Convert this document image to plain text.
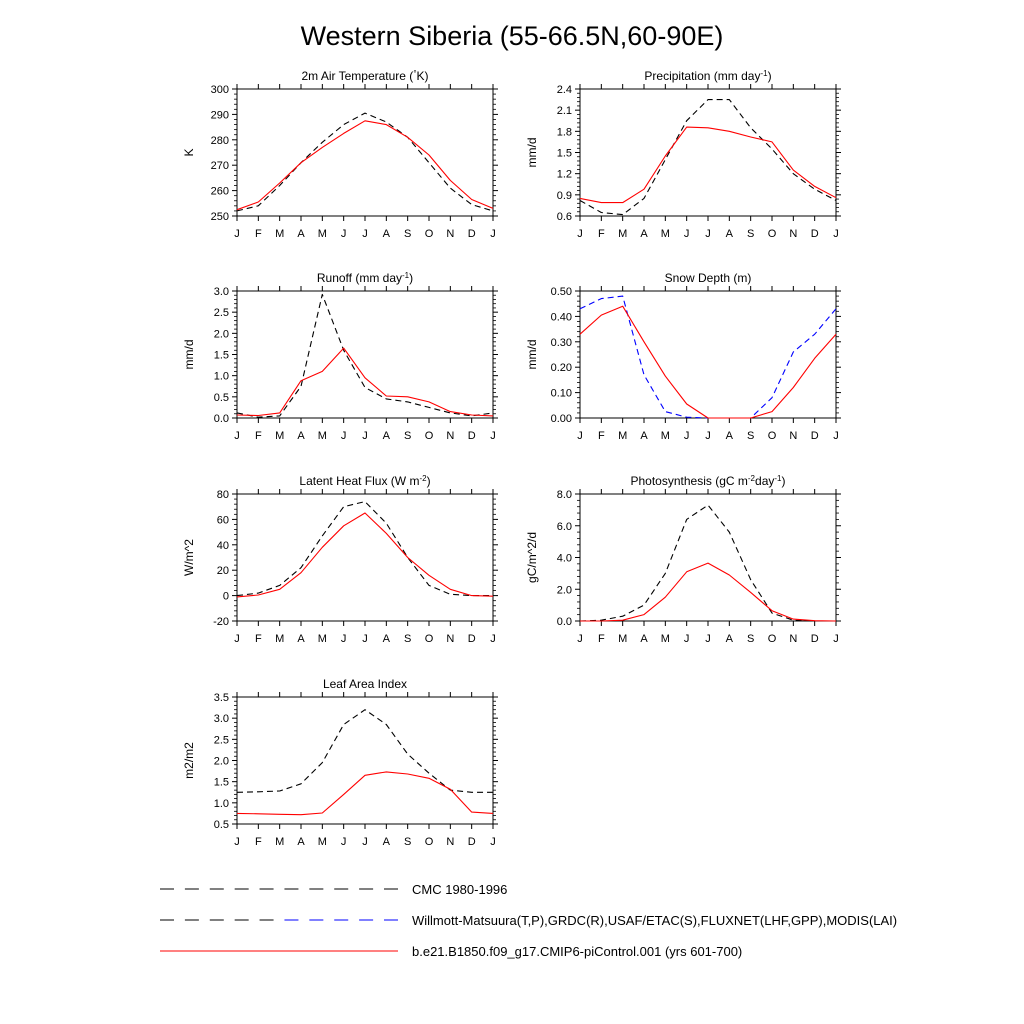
Western Siberia (55-66.5N,60-90E)
J F M A M J J A S O N D J
250
260
270
280
290
300
2m Air Temperature (°K)
K
J F M A M J J A S O N D J
0.6
0.9
1.2
1.5
1.8
2.1
2.4
Precipitation (mm day$^{-1}$)
mm/d
J F M A M J J A S O N D J
0.0
0.5
1.0
1.5
2.0
2.5
3.0
Runoff (mm day$^{-1}$)
mm/d
J F M A M J J A S O N D J
0.00
0.10
0.20
0.30
0.40
0.50
Snow Depth (m)
mm/d
J F M A M J J A S O N D J
-20
0
20
40
60
80
Latent Heat Flux (W $m^{-2}$)
W/m^2
J F M A M J J A S O N D J
0.0
2.0
4.0
6.0
8.0
Photosynthesis (gC $m^{-2}day^{-1}$)
gC/m^2/d
J F M A M J J A S O N D J
0.5
1.0
1.5
2.0
2.5
3.0
3.5
Leaf Area Index
m2/m2
CMC 1980-1996
Willmott-Matsuura(T,P),GRDC(R),USAF/ETAC(S),FLUXNET(LHF,GPP),MODIS(LAI)
b.e21.B1850.f09_g17.CMIP6-piControl.001 (yrs 601-700)
